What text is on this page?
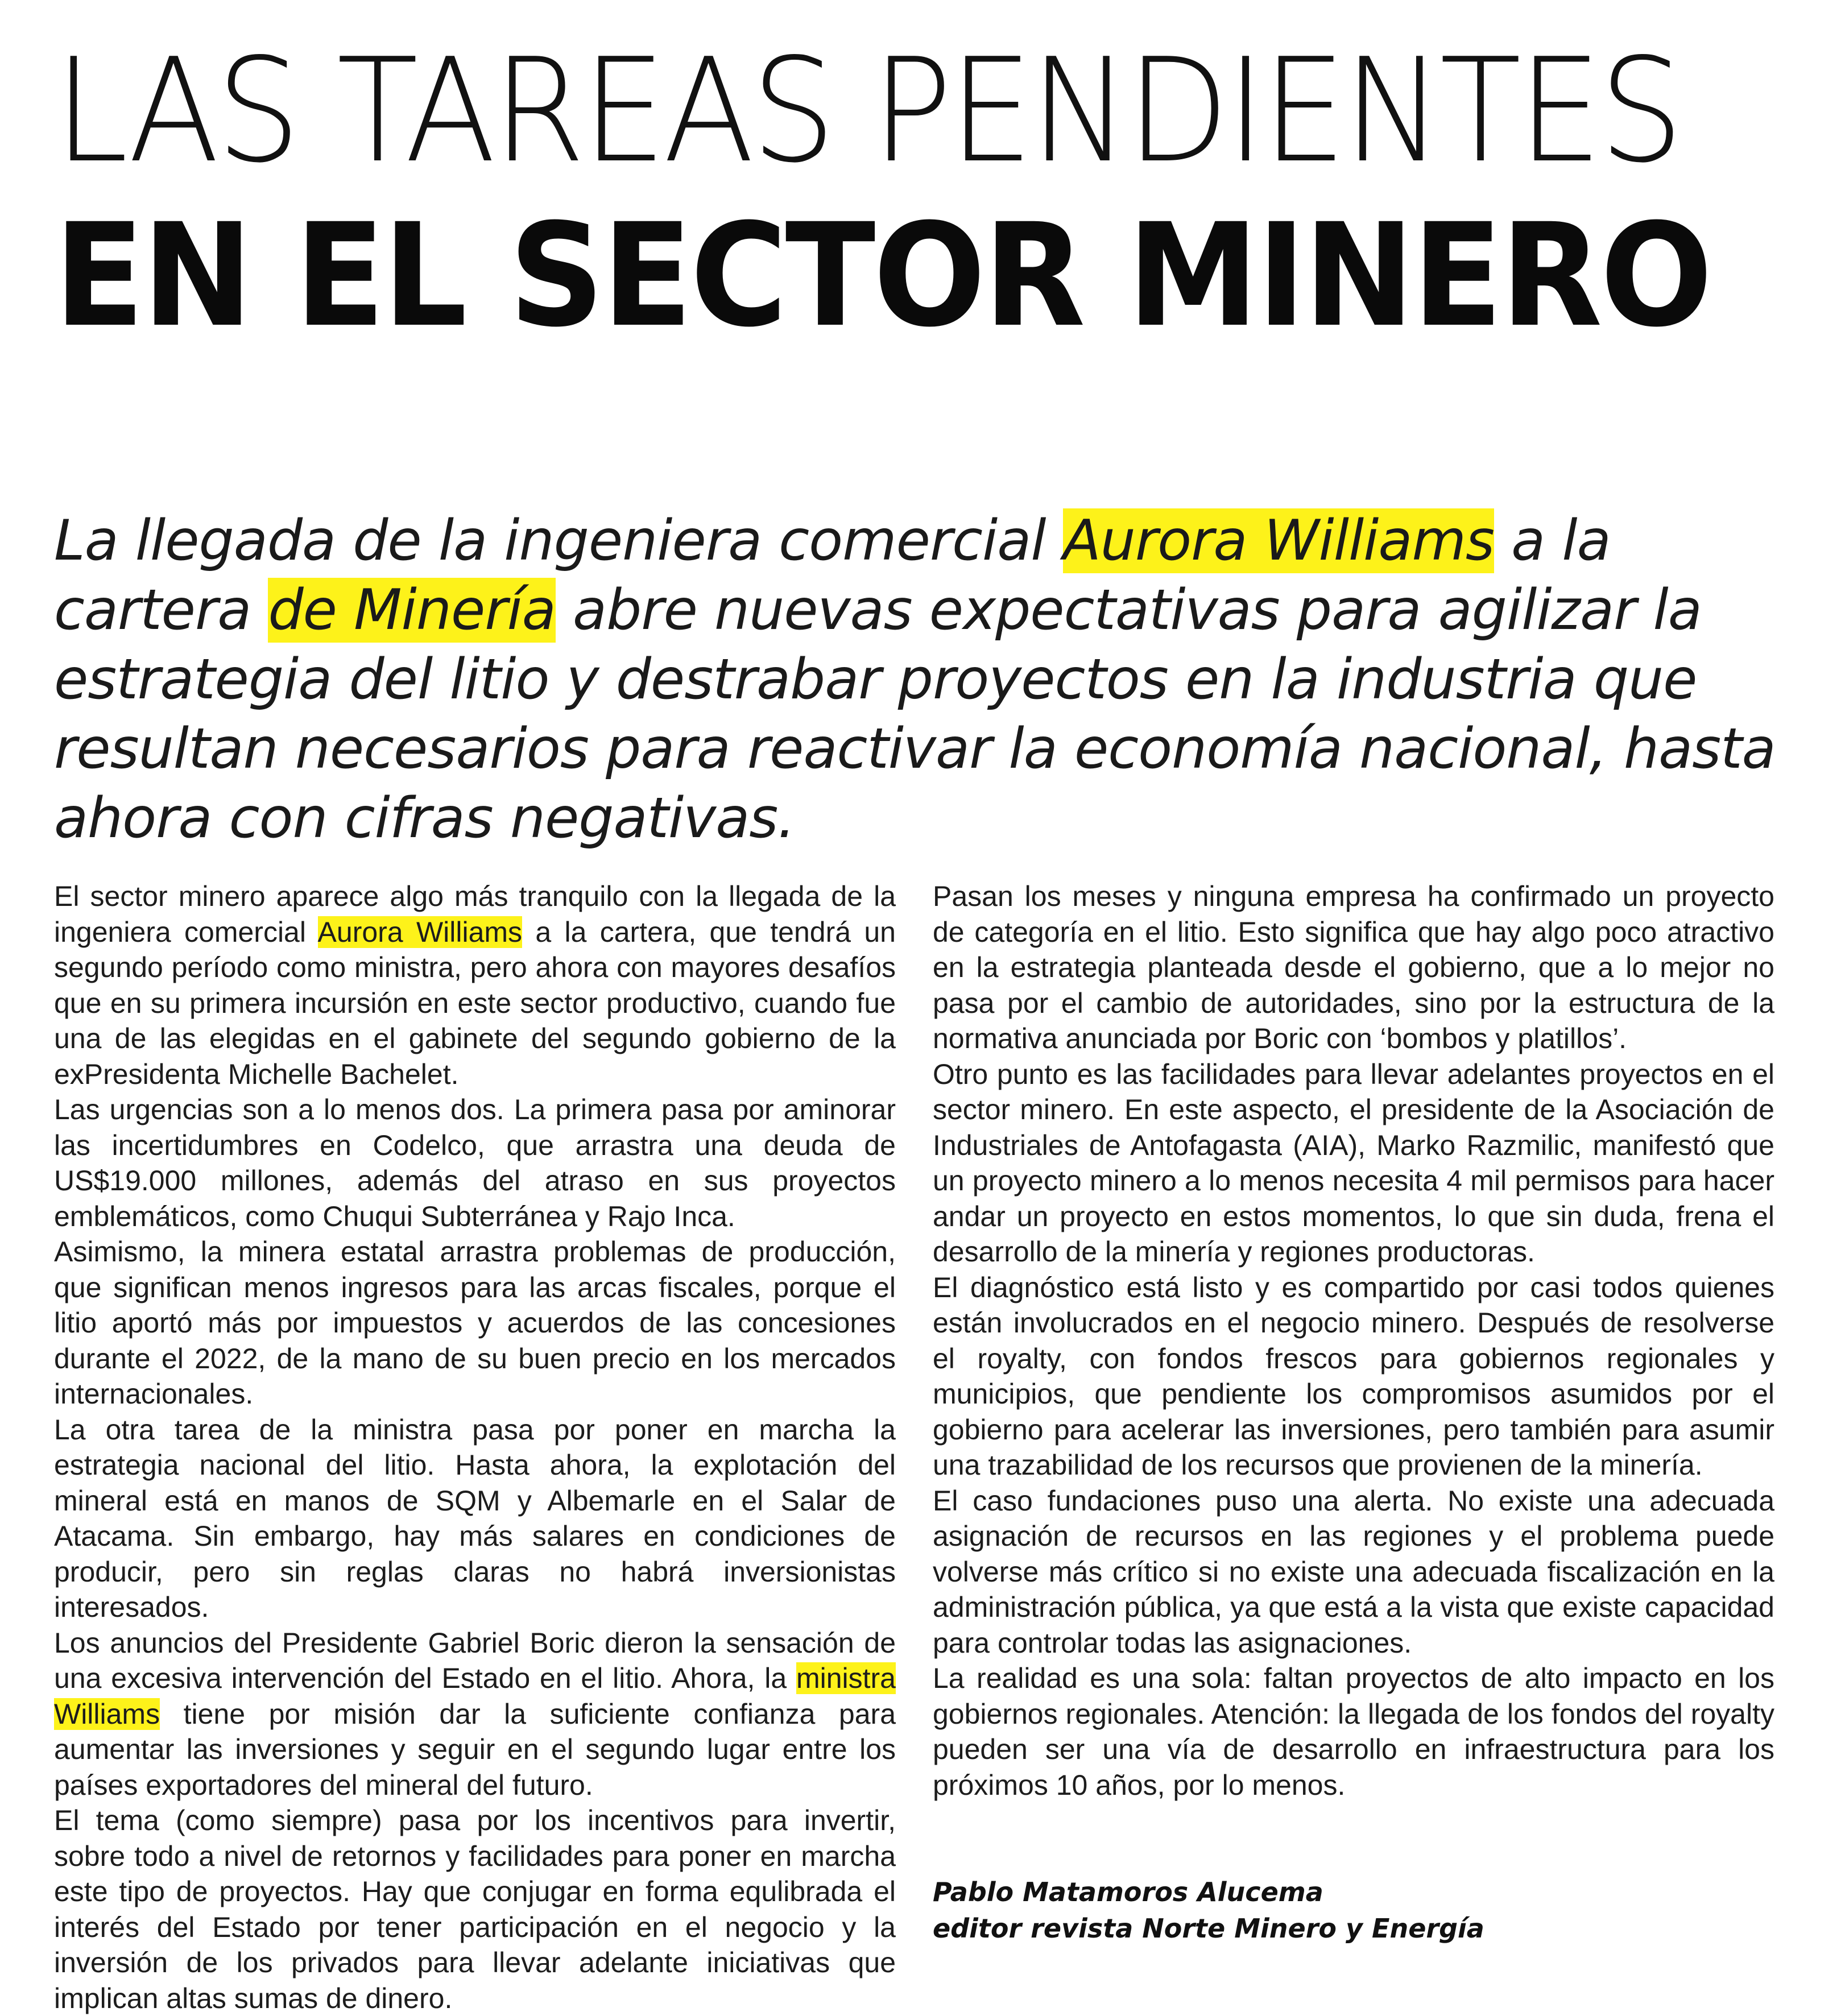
LAS TAREAS PENDIENTES
EN EL SECTOR MINERO
La llegada de la ingeniera comercial Aurora Williams a la cartera de Minería abre nuevas expectativas para agilizar la estrategia del litio y destrabar proyectos en la industria que resultan necesarios para reactivar la economía nacional, hasta ahora con cifras negativas.

El sector minero aparece algo más tranquilo con la llegada de la ingeniera comercial Aurora Williams a la cartera, que tendrá un segundo período como ministra, pero ahora con mayores desafíos que en su primera incursión en este sector productivo, cuando fue una de las elegidas en el gabinete del segundo gobierno de la exPresidenta Michelle Bachelet.

Las urgencias son a lo menos dos. La primera pasa por aminorar las incertidumbres en Codelco, que arrastra una deuda de US$19.000 millones, además del atraso en sus proyectos emblemáticos, como Chuqui Subterránea y Rajo Inca.

Asimismo, la minera estatal arrastra problemas de producción, que significan menos ingresos para las arcas fiscales, porque el litio aportó más por impuestos y acuerdos de las concesiones durante el 2022, de la mano de su buen precio en los mercados internacionales.

La otra tarea de la ministra pasa por poner en marcha la estrategia nacional del litio. Hasta ahora, la explotación del mineral está en manos de SQM y Albemarle en el Salar de Atacama. Sin embargo, hay más salares en condiciones de producir, pero sin reglas claras no habrá inversionistas interesados.

Los anuncios del Presidente Gabriel Boric dieron la sensación de una excesiva intervención del Estado en el litio. Ahora, la ministra Williams tiene por misión dar la suficiente confianza para aumentar las inversiones y seguir en el segundo lugar entre los países exportadores del mineral del futuro.

El tema (como siempre) pasa por los incentivos para invertir, sobre todo a nivel de retornos y facilidades para poner en marcha este tipo de proyectos. Hay que conjugar en forma equlibrada el interés del Estado por tener participación en el negocio y la inversión de los privados para llevar adelante iniciativas que implican altas sumas de dinero.

Pasan los meses y ninguna empresa ha confirmado un proyecto de categoría en el litio. Esto significa que hay algo poco atractivo en la estrategia planteada desde el gobierno, que a lo mejor no pasa por el cambio de autoridades, sino por la estructura de la normativa anunciada por Boric con ‘bombos y platillos’.

Otro punto es las facilidades para llevar adelantes proyectos en el sector minero. En este aspecto, el presidente de la Asociación de Industriales de Antofagasta (AIA), Marko Razmilic, manifestó que un proyecto minero a lo menos necesita 4 mil permisos para hacer andar un proyecto en estos momentos, lo que sin duda, frena el desarrollo de la minería y regiones productoras.

El diagnóstico está listo y es compartido por casi todos quienes están involucrados en el negocio minero. Después de resolverse el royalty, con fondos frescos para gobiernos regionales y municipios, que pendiente los compromisos asumidos por el gobierno para acelerar las inversiones, pero también para asumir una trazabilidad de los recursos que provienen de la minería.

El caso fundaciones puso una alerta. No existe una adecuada asignación de recursos en las regiones y el problema puede volverse más crítico si no existe una adecuada fiscalización en la administración pública, ya que está a la vista que existe capacidad para controlar todas las asignaciones.

La realidad es una sola: faltan proyectos de alto impacto en los gobiernos regionales. Atención: la llegada de los fondos del royalty pueden ser una vía de desarrollo en infraestructura para los próximos 10 años, por lo menos.

Pablo Matamoros Alucema
editor revista Norte Minero y Energía
